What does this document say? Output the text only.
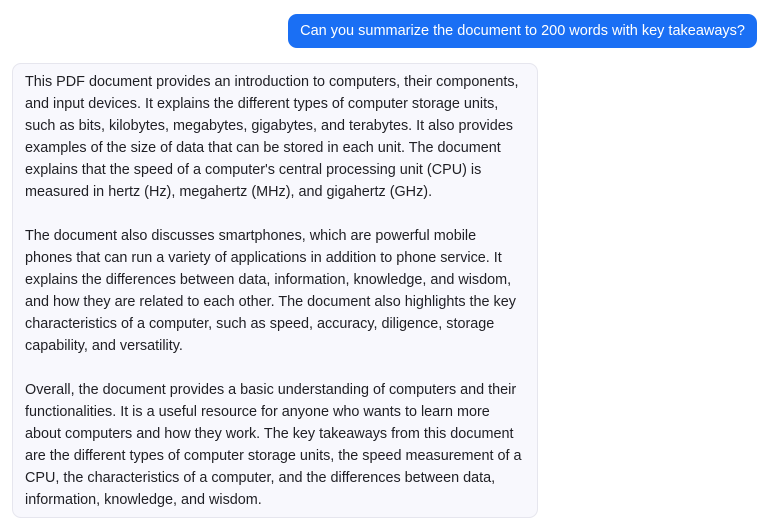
Can you summarize the document to 200 words with key takeaways?

This PDF document provides an introduction to computers, their components, and input devices. It explains the different types of computer storage units, such as bits, kilobytes, megabytes, gigabytes, and terabytes. It also provides examples of the size of data that can be stored in each unit. The document explains that the speed of a computer's central processing unit (CPU) is measured in hertz (Hz), megahertz (MHz), and gigahertz (GHz).

The document also discusses smartphones, which are powerful mobile phones that can run a variety of applications in addition to phone service. It explains the differences between data, information, knowledge, and wisdom, and how they are related to each other. The document also highlights the key characteristics of a computer, such as speed, accuracy, diligence, storage capability, and versatility.

Overall, the document provides a basic understanding of computers and their functionalities. It is a useful resource for anyone who wants to learn more about computers and how they work. The key takeaways from this document are the different types of computer storage units, the speed measurement of a CPU, the characteristics of a computer, and the differences between data, information, knowledge, and wisdom.
